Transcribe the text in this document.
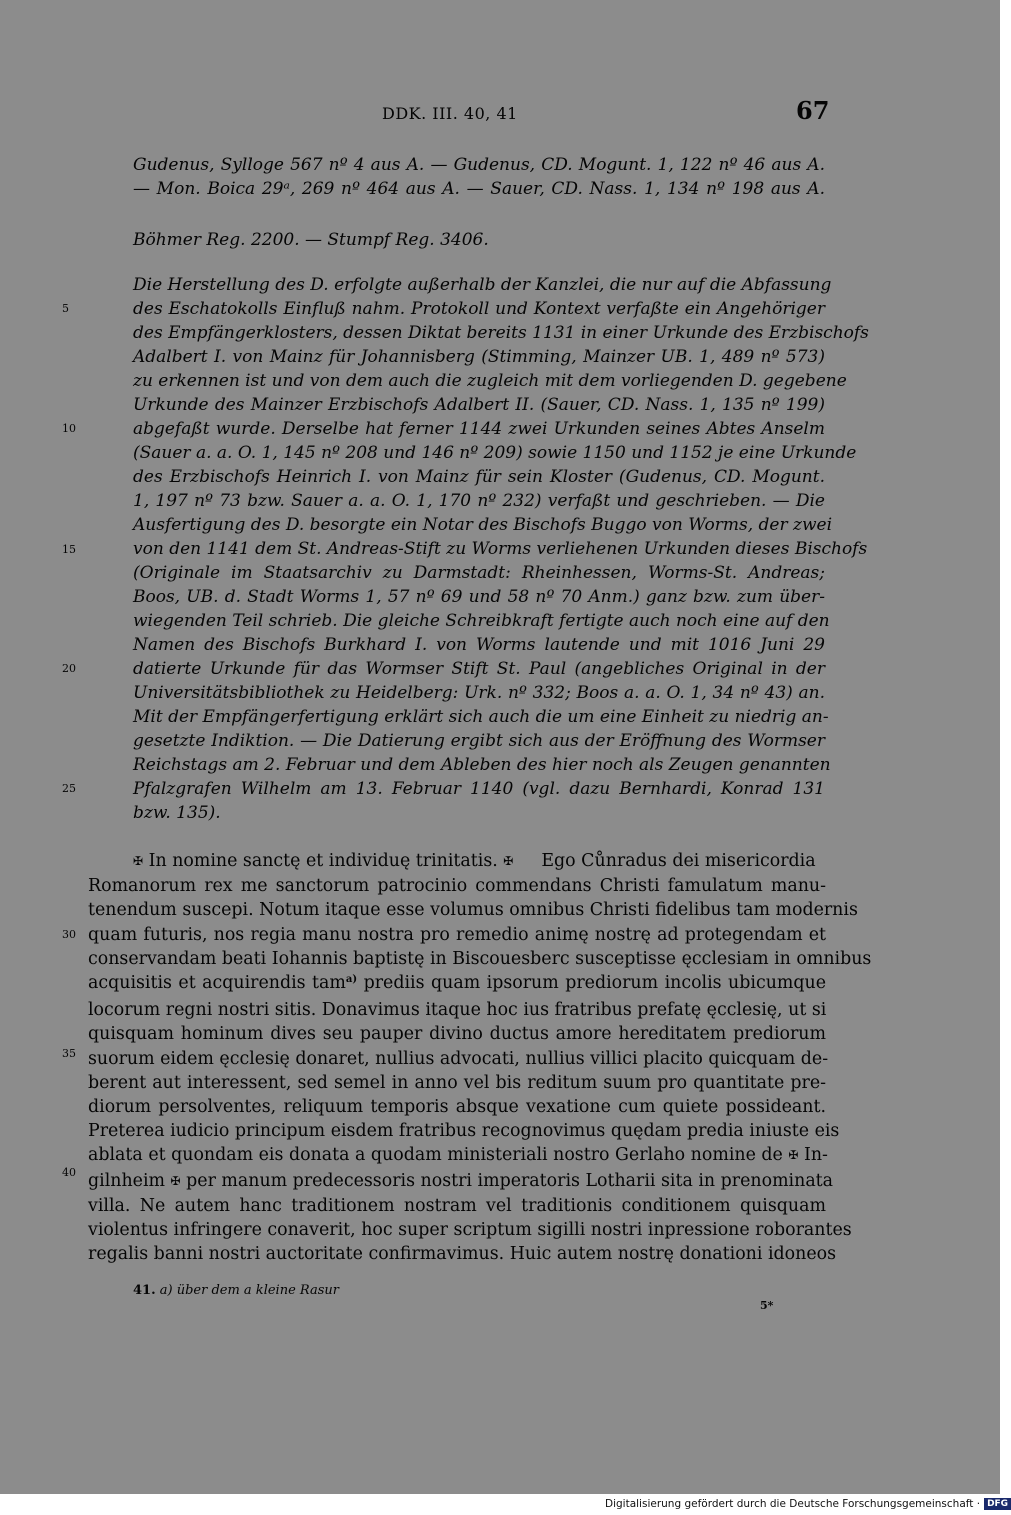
DDK. III. 40, 41	67
Gudenus, Sylloge 567 nº 4 aus A. — Gudenus, CD. Mogunt. 1, 122 nº 46 aus A.
— Mon. Boica 29ᵃ, 269 nº 464 aus A. — Sauer, CD. Nass. 1, 134 nº 198 aus A.
Böhmer Reg. 2200. — Stumpf Reg. 3406.
Die Herstellung des D. erfolgte außerhalb der Kanzlei, die nur auf die Abfassung
des Eschatokolls Einfluß nahm. Protokoll und Kontext verfaßte ein Angehöriger
des Empfängerklosters, dessen Diktat bereits 1131 in einer Urkunde des Erzbischofs
Adalbert I. von Mainz für Johannisberg (Stimming, Mainzer UB. 1, 489 nº 573)
zu erkennen ist und von dem auch die zugleich mit dem vorliegenden D. gegebene
Urkunde des Mainzer Erzbischofs Adalbert II. (Sauer, CD. Nass. 1, 135 nº 199)
abgefaßt wurde. Derselbe hat ferner 1144 zwei Urkunden seines Abtes Anselm
(Sauer a. a. O. 1, 145 nº 208 und 146 nº 209) sowie 1150 und 1152 je eine Urkunde
des Erzbischofs Heinrich I. von Mainz für sein Kloster (Gudenus, CD. Mogunt.
1, 197 nº 73 bzw. Sauer a. a. O. 1, 170 nº 232) verfaßt und geschrieben. — Die
Ausfertigung des D. besorgte ein Notar des Bischofs Buggo von Worms, der zwei
von den 1141 dem St. Andreas-Stift zu Worms verliehenen Urkunden dieses Bischofs
(Originale im Staatsarchiv zu Darmstadt: Rheinhessen, Worms-St. Andreas;
Boos, UB. d. Stadt Worms 1, 57 nº 69 und 58 nº 70 Anm.) ganz bzw. zum über-
wiegenden Teil schrieb. Die gleiche Schreibkraft fertigte auch noch eine auf den
Namen des Bischofs Burkhard I. von Worms lautende und mit 1016 Juni 29
datierte Urkunde für das Wormser Stift St. Paul (angebliches Original in der
Universitätsbibliothek zu Heidelberg: Urk. nº 332; Boos a. a. O. 1, 34 nº 43) an.
Mit der Empfängerfertigung erklärt sich auch die um eine Einheit zu niedrig an-
gesetzte Indiktion. — Die Datierung ergibt sich aus der Eröffnung des Wormser
Reichstags am 2. Februar und dem Ableben des hier noch als Zeugen genannten
Pfalzgrafen Wilhelm am 13. Februar 1140 (vgl. dazu Bernhardi, Konrad 131
bzw. 135).
✠ In nomine sanctę et individuę trinitatis. ✠ Ego Cůnradus dei misericordia
Romanorum rex me sanctorum patrocinio commendans Christi famulatum manu-
tenendum suscepi. Notum itaque esse volumus omnibus Christi fidelibus tam modernis
quam futuris, nos regia manu nostra pro remedio animę nostrę ad protegendam et
conservandam beati Iohannis baptistę in Biscouesberc susceptisse ęcclesiam in omnibus
acquisitis et acquirendis tam$^{a)}$ prediis quam ipsorum prediorum incolis ubicumque
locorum regni nostri sitis. Donavimus itaque hoc ius fratribus prefatę ęcclesię, ut si
quisquam hominum dives seu pauper divino ductus amore hereditatem prediorum
suorum eidem ęcclesię donaret, nullius advocati, nullius villici placito quicquam de-
berent aut interessent, sed semel in anno vel bis reditum suum pro quantitate pre-
diorum persolventes, reliquum temporis absque vexatione cum quiete possideant.
Preterea iudicio principum eisdem fratribus recognovimus quędam predia iniuste eis
ablata et quondam eis donata a quodam ministeriali nostro Gerlaho nomine de ✠ In-
gilnheim ✠ per manum predecessoris nostri imperatoris Lotharii sita in prenominata
villa. Ne autem hanc traditionem nostram vel traditionis conditionem quisquam
violentus infringere conaverit, hoc super scriptum sigilli nostri inpressione roborantes
regalis banni nostri auctoritate confirmavimus. Huic autem nostrę donationi idoneos
5
10
15
20
25
30
35
40
41. a) über dem a kleine Rasur
5*
Digitalisierung gefördert durch die Deutsche Forschungsgemeinschaft · DFG
